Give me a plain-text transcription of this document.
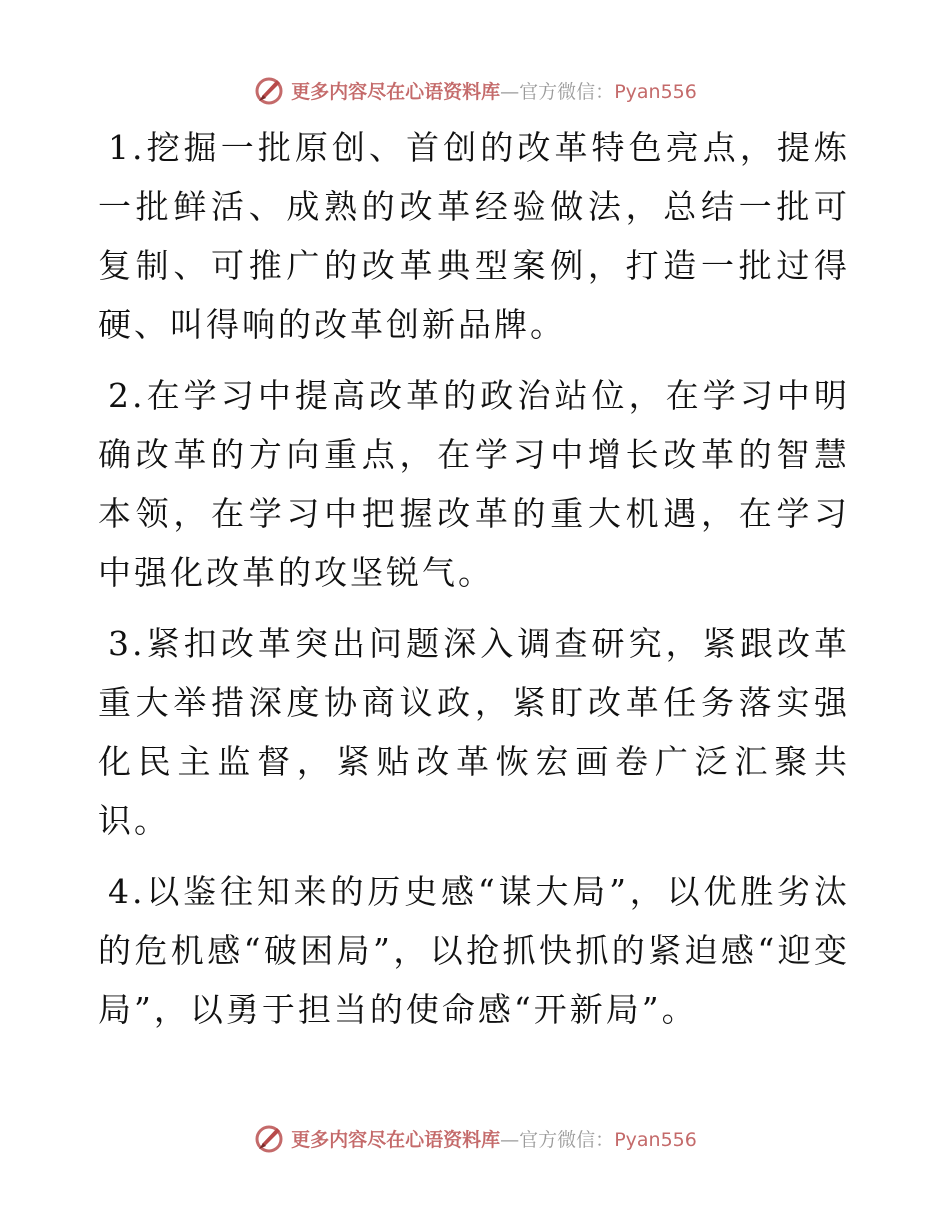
更多内容尽在心语资料库—官方微信：Pyan556

1.挖掘一批原创、首创的改革特色亮点，提炼一批鲜活、成熟的改革经验做法，总结一批可复制、可推广的改革典型案例，打造一批过得硬、叫得响的改革创新品牌。

2.在学习中提高改革的政治站位，在学习中明确改革的方向重点，在学习中增长改革的智慧本领，在学习中把握改革的重大机遇，在学习中强化改革的攻坚锐气。

3.紧扣改革突出问题深入调查研究，紧跟改革重大举措深度协商议政，紧盯改革任务落实强化民主监督，紧贴改革恢宏画卷广泛汇聚共识。

4.以鉴往知来的历史感“谋大局”，以优胜劣汰的危机感“破困局”，以抢抓快抓的紧迫感“迎变局”，以勇于担当的使命感“开新局”。

更多内容尽在心语资料库—官方微信：Pyan556
